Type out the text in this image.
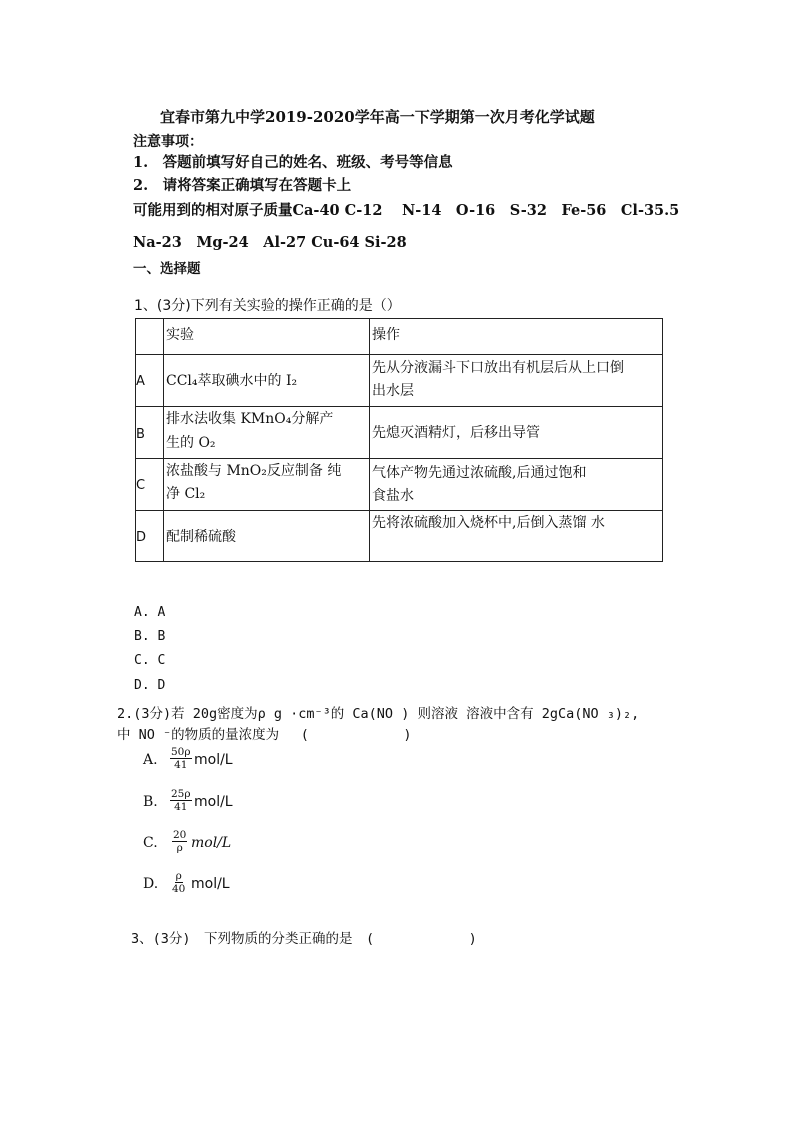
宜春市第九中学2019-2020学年高一下学期第一次月考化学试题
注意事项：
1.　答题前填写好自己的姓名、班级、考号等信息
2.　请将答案正确填写在答题卡上
可能用到的相对原子质量Ca-40 C-12　 N-14　O-16　S-32　Fe-56　Cl-35.5
Na-23　Mg-24　Al-27 Cu-64 Si-28
一、选择题
1、(3分)下列有关实验的操作正确的是（）
实验	操作
A CCl₄萃取碘水中的 I₂
先从分液漏斗下口放出有机层后从上口倒
出水层
B
排水法收集 KMnO₄分解产
生的 O₂
先熄灭酒精灯，后移出导管
C
浓盐酸与 MnO₂反应制备 纯
净 Cl₂
气体产物先通过浓硫酸,后通过饱和
食盐水
D 配制稀硫酸
先将浓硫酸加入烧杯中,后倒入蒸馏 水
A. A
B. B
C. C
D. D
2.(3分)若 20g密度为ρ g ·cm⁻³的 Ca(NO ) 则溶液 溶液中含有 2gCa(NO ₃)₂,
中 NO ⁻的物质的量浓度为　 (　　　　　　　)
A. $\frac{50\rho}{41} mol/L$
B. $\frac{25\rho}{41} mol/L$
C. $\frac{20}{\rho} mol/L$
D. $\frac{\rho}{40} mol/L$
3、(3分)　下列物质的分类正确的是　(　　　　　　　)
